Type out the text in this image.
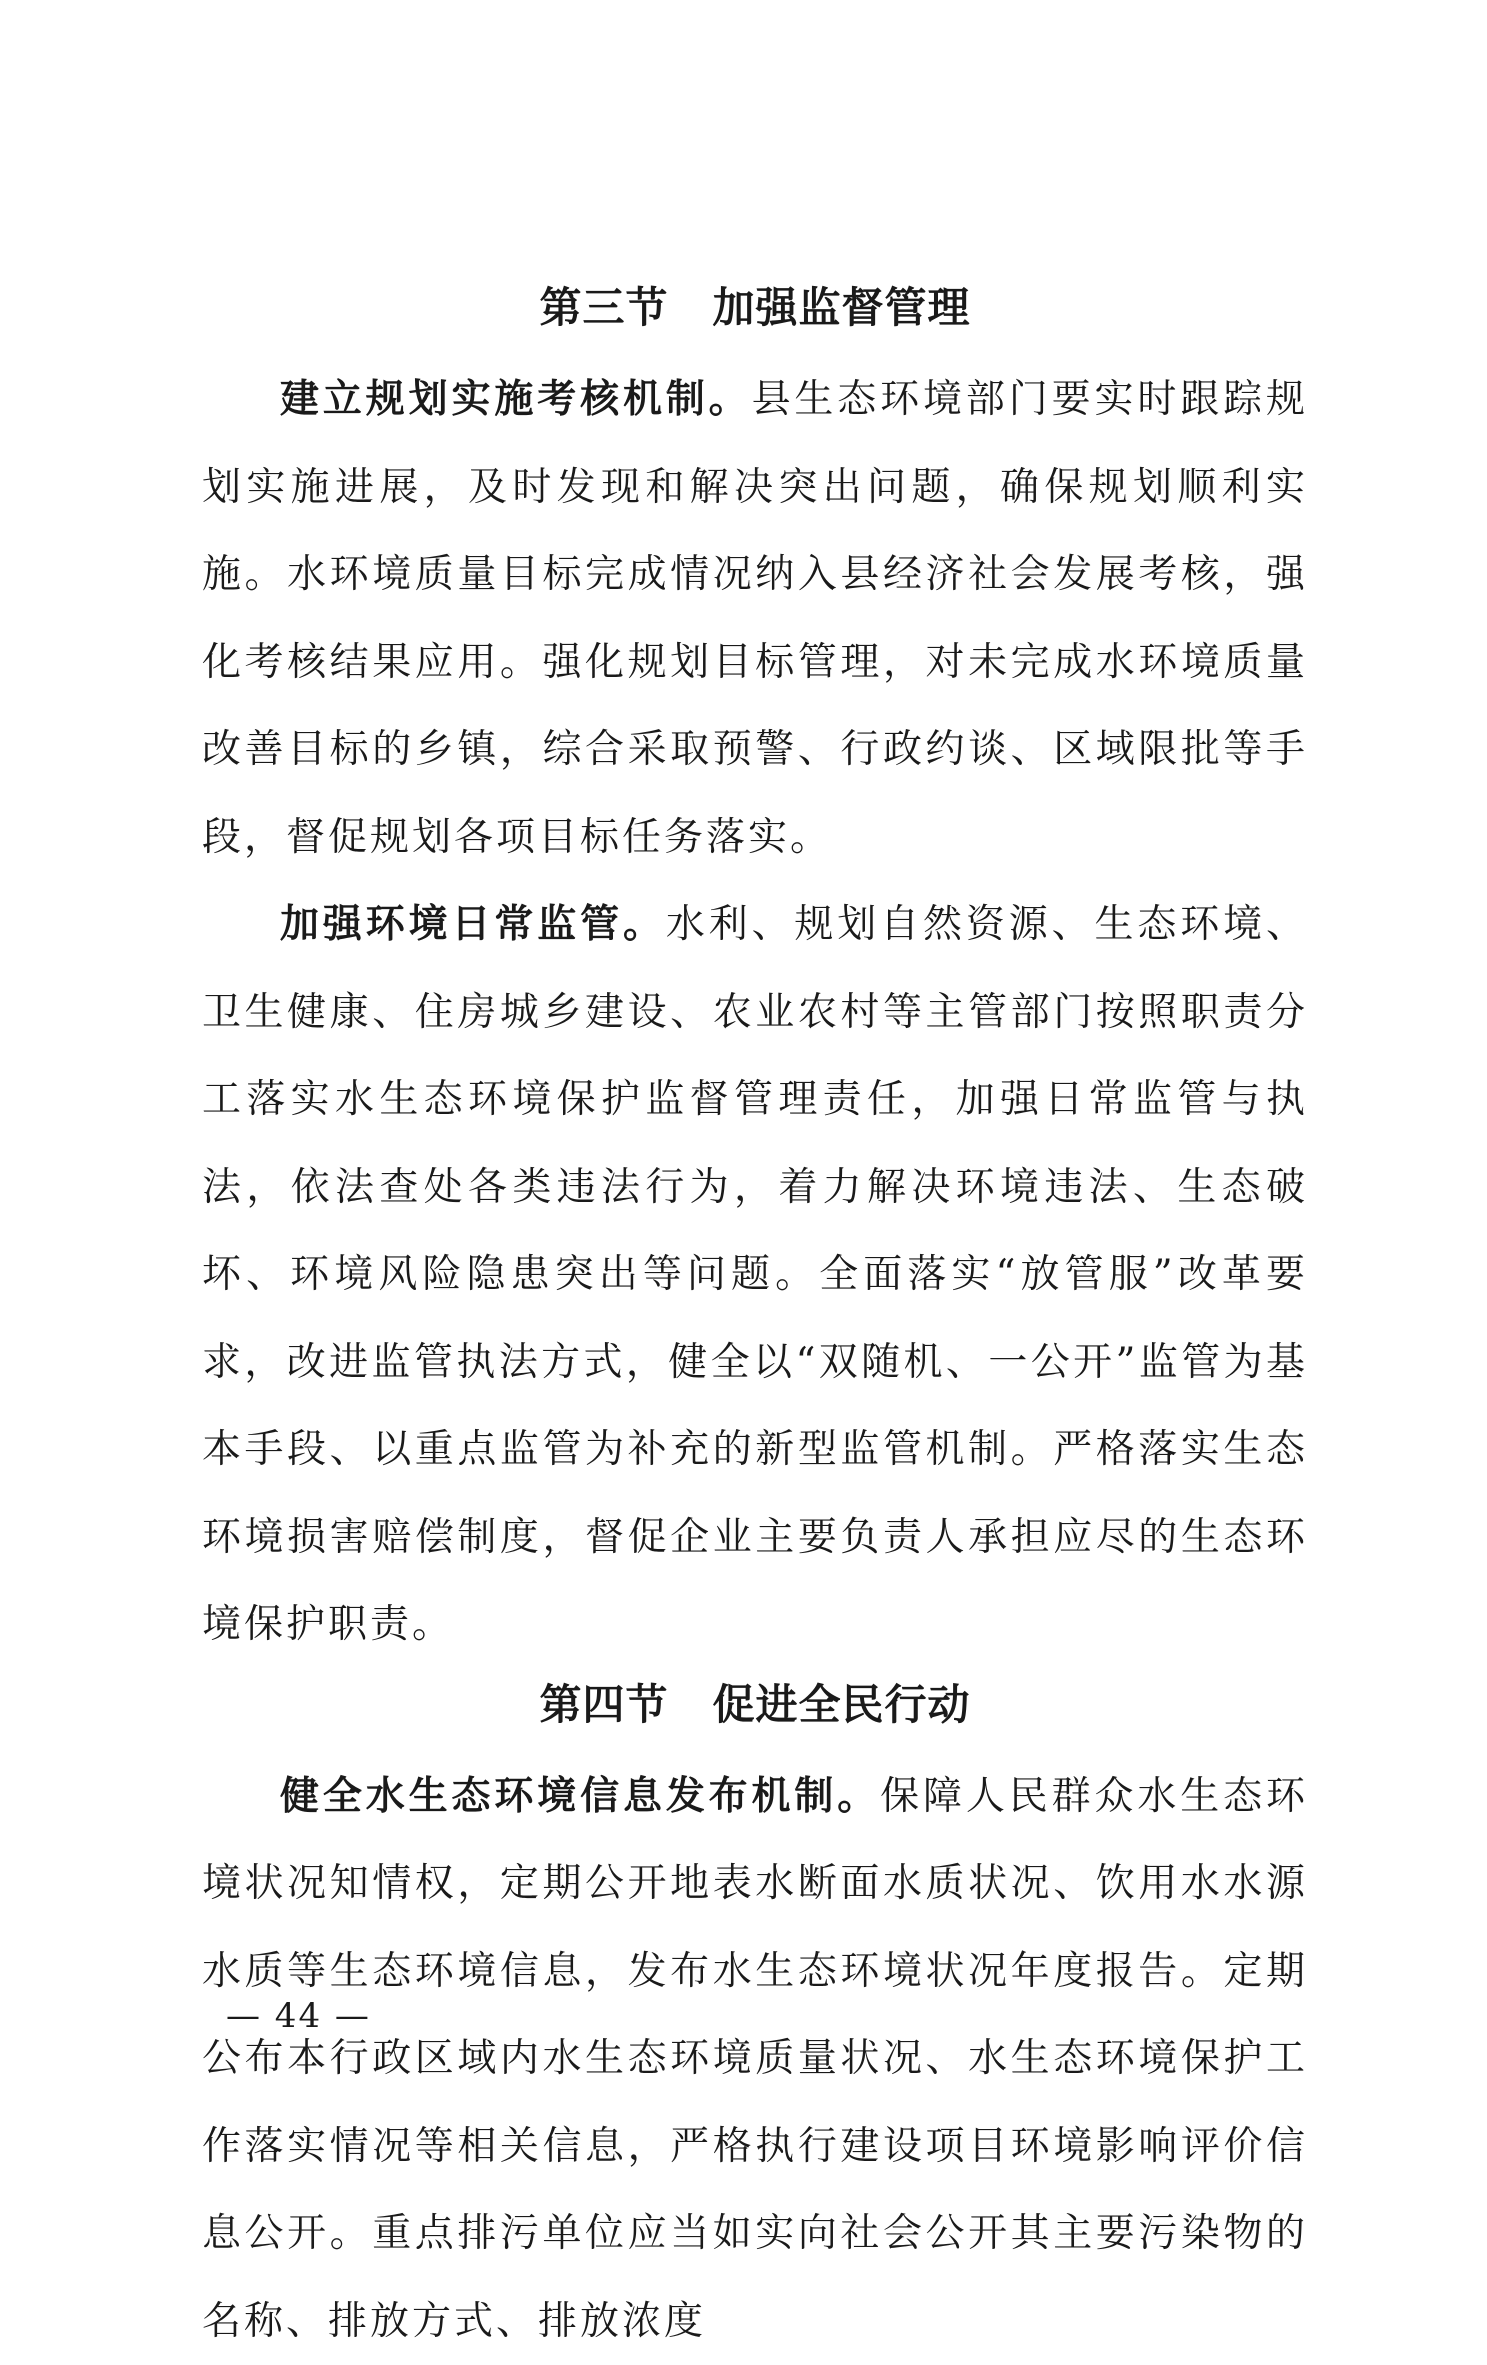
第三节 加强监督管理

建立规划实施考核机制。县生态环境部门要实时跟踪规划实施进展，及时发现和解决突出问题，确保规划顺利实施。水环境质量目标完成情况纳入县经济社会发展考核，强化考核结果应用。强化规划目标管理，对未完成水环境质量改善目标的乡镇，综合采取预警、行政约谈、区域限批等手段，督促规划各项目标任务落实。

加强环境日常监管。水利、规划自然资源、生态环境、卫生健康、住房城乡建设、农业农村等主管部门按照职责分工落实水生态环境保护监督管理责任，加强日常监管与执法，依法查处各类违法行为，着力解决环境违法、生态破坏、环境风险隐患突出等问题。全面落实“放管服”改革要求，改进监管执法方式，健全以“双随机、一公开”监管为基本手段、以重点监管为补充的新型监管机制。严格落实生态环境损害赔偿制度，督促企业主要负责人承担应尽的生态环境保护职责。

第四节 促进全民行动

健全水生态环境信息发布机制。保障人民群众水生态环境状况知情权，定期公开地表水断面水质状况、饮用水水源水质等生态环境信息，发布水生态环境状况年度报告。定期公布本行政区域内水生态环境质量状况、水生态环境保护工作落实情况等相关信息，严格执行建设项目环境影响评价信息公开。重点排污单位应当如实向社会公开其主要污染物的名称、排放方式、排放浓度

— 44 —
